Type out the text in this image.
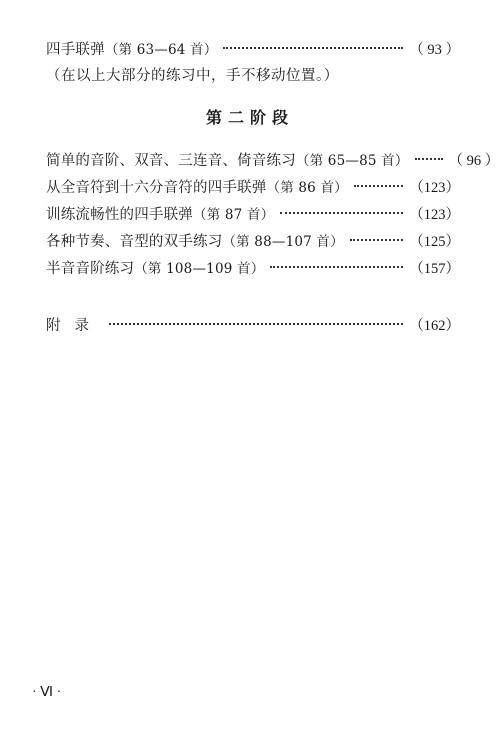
四手联弹（第 63—64 首）	（ 93 ）
（在以上大部分的练习中，手不移动位置。）
第二阶段
简单的音阶、双音、三连音、倚音练习（第 65—85 首）	（ 96 ）
从全音符到十六分音符的四手联弹（第 86 首）	（123）
训练流畅性的四手联弹（第 87 首）	（123）
各种节奏、音型的双手练习（第 88—107 首）	（125）
半音音阶练习（第 108—109 首）	（157）
附录	（162）
· Ⅵ ·
